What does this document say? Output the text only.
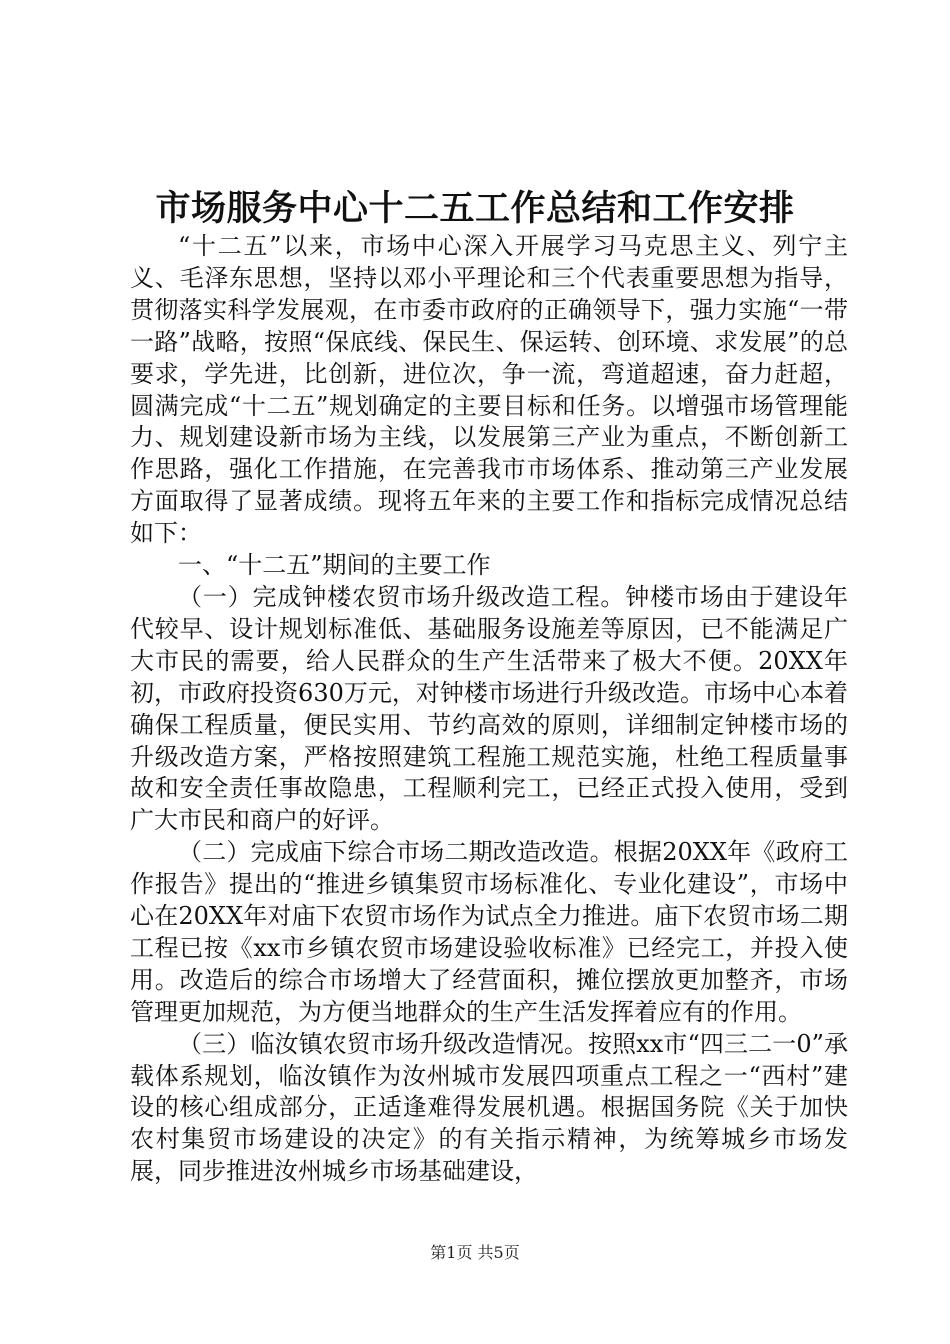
市场服务中心十二五工作总结和工作安排

“十二五”以来，市场中心深入开展学习马克思主义、列宁主义、毛泽东思想，坚持以邓小平理论和三个代表重要思想为指导，贯彻落实科学发展观，在市委市政府的正确领导下，强力实施“一带一路”战略，按照“保底线、保民生、保运转、创环境、求发展”的总要求，学先进，比创新，进位次，争一流，弯道超速，奋力赶超，圆满完成“十二五”规划确定的主要目标和任务。以增强市场管理能力、规划建设新市场为主线，以发展第三产业为重点，不断创新工作思路，强化工作措施，在完善我市市场体系、推动第三产业发展方面取得了显著成绩。现将五年来的主要工作和指标完成情况总结如下：

一、“十二五”期间的主要工作

（一）完成钟楼农贸市场升级改造工程。钟楼市场由于建设年代较早、设计规划标准低、基础服务设施差等原因，已不能满足广大市民的需要，给人民群众的生产生活带来了极大不便。20XX年初，市政府投资630万元，对钟楼市场进行升级改造。市场中心本着确保工程质量，便民实用、节约高效的原则，详细制定钟楼市场的升级改造方案，严格按照建筑工程施工规范实施，杜绝工程质量事故和安全责任事故隐患，工程顺利完工，已经正式投入使用，受到广大市民和商户的好评。

（二）完成庙下综合市场二期改造改造。根据20XX年《政府工作报告》提出的“推进乡镇集贸市场标准化、专业化建设”，市场中心在20XX年对庙下农贸市场作为试点全力推进。庙下农贸市场二期工程已按《xx市乡镇农贸市场建设验收标准》已经完工，并投入使用。改造后的综合市场增大了经营面积，摊位摆放更加整齐，市场管理更加规范，为方便当地群众的生产生活发挥着应有的作用。

（三）临汝镇农贸市场升级改造情况。按照xx市“四三二一0”承载体系规划，临汝镇作为汝州城市发展四项重点工程之一“西村”建设的核心组成部分，正适逢难得发展机遇。根据国务院《关于加快农村集贸市场建设的决定》的有关指示精神，为统筹城乡市场发展，同步推进汝州城乡市场基础建设，

第1页 共5页
